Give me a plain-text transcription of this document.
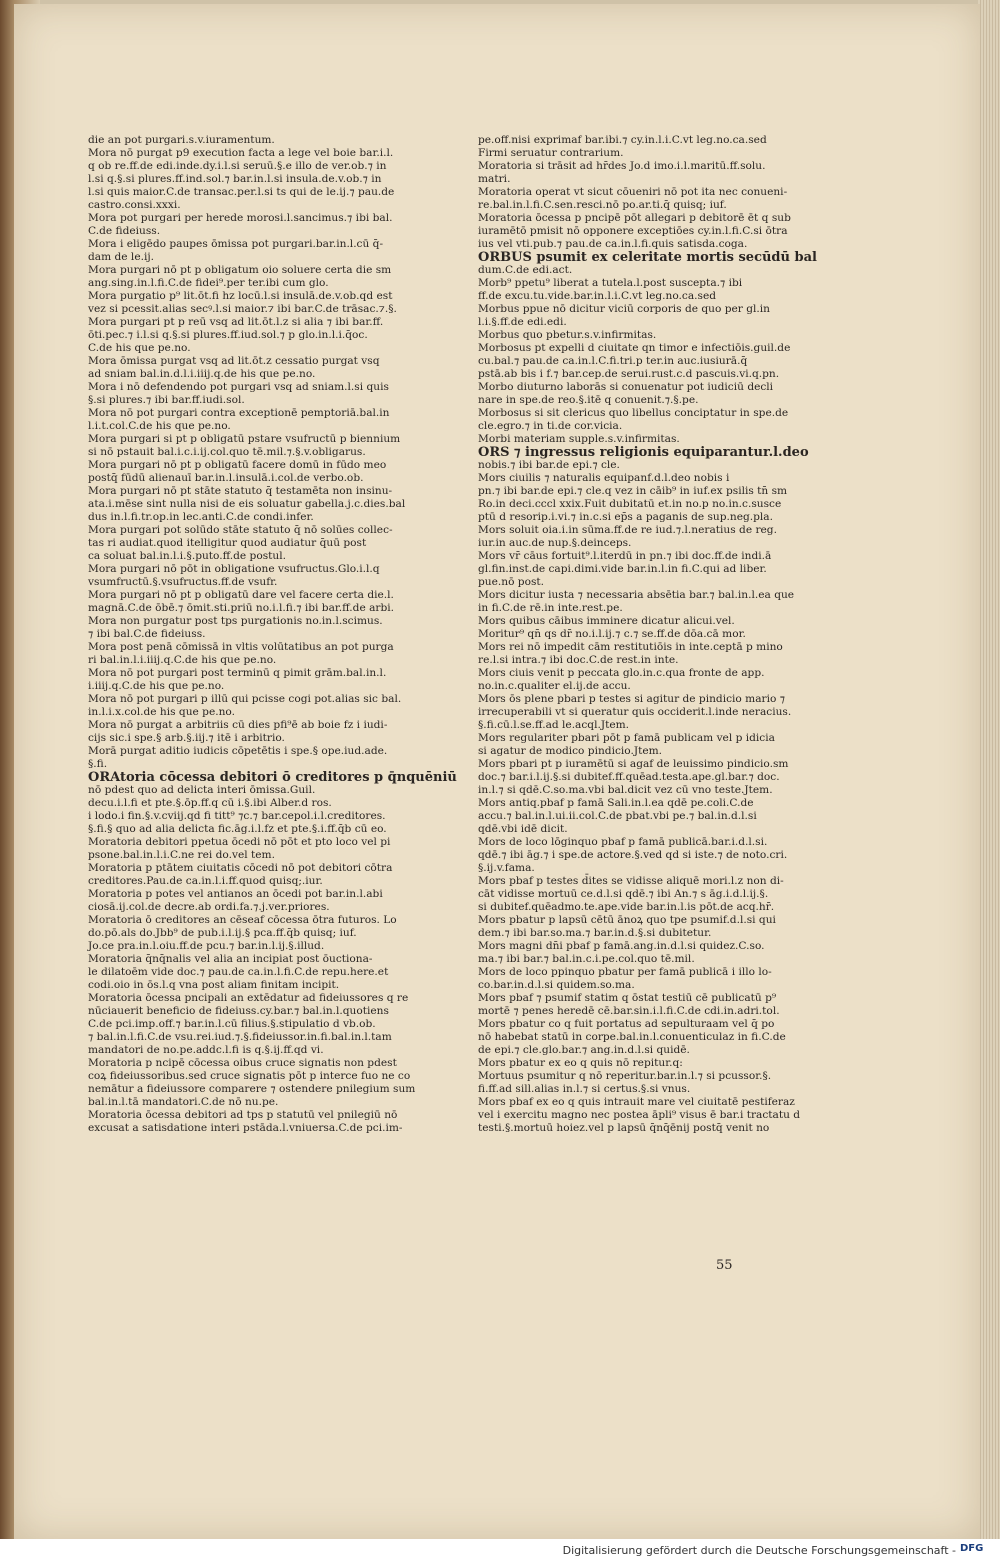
die an pot purgari.s.v.iuramentum.

Mora nō purgat p9 execution facta a lege vel boie bar.i.l.

q ob re.ff.de edi.inde.dy.i.l.si seruū.§.e illo de ver.ob.⁊ in

l.si q.§.si plures.ff.ind.sol.⁊ bar.in.l.si insula.de.v.ob.⁊ in

l.si quis maior.C.de transac.per.l.si ts qui de le.ij.⁊ pau.de

castro.consi.xxxi.

Mora pot purgari per herede morosi.l.sancimus.⁊ ibi bal.

C.de fideiuss.

Mora i eligēdo paupes ōmissa pot purgari.bar.in.l.cū q̄-

dam de le.ij.

Mora purgari nō pt p obligatum oio soluere certa die sm

ang.sing.in.l.fi.C.de fidei⁹.per ter.ibi cum glo.

Mora purgatio p⁹ lit.ōt.fi hz locū.l.si insulā.de.v.ob.qd est

vez si pcessit.alias secꝰ.l.si maior.⁊ ibi bar.C.de trāsac.⁊.§.

Mora purgari pt p reū vsq ad lit.ōt.l.z si alia ⁊ ibi bar.ff.

ōti.pec.⁊ i.l.si q.§.si plures.ff.iud.sol.⁊ p glo.in.l.i.q̄oc.

C.de his que pe.no.

Mora ōmissa purgat vsq ad lit.ōt.z cessatio purgat vsq

ad sniam bal.in.d.l.i.iiij.q.de his que pe.no.

Mora i nō defendendo pot purgari vsq ad sniam.l.si quis

§.si plures.⁊ ibi bar.ff.iudi.sol.

Mora nō pot purgari contra exceptionē pemptoriā.bal.in

l.i.t.col.C.de his que pe.no.

Mora purgari si pt p obligatū pstare vsufructū p biennium

si nō pstauit bal.i.c.i.ij.col.quo tē.mil.⁊.§.v.obligarus.

Mora purgari nō pt p obligatū facere domū in fūdo meo

postq̄ fūdū alienauī bar.in.l.insulā.i.col.de verbo.ob.

Mora purgari nō pt stāte statuto q̄ testamēta non insinu-

ata.i.mēse sint nulla nisi de eis soluatur gabella.j.c.dies.bal

dus in.l.fi.tr.op.in lec.anti.C.de condi.infer.

Mora purgari pot solūdo stāte statuto q̄ nō solūes collec-

tas ri audiat.quod itelligitur quod audiatur q̄uū post

ca soluat bal.in.l.i.§.puto.ff.de postul.

Mora purgari nō pōt in obligatione vsufructus.Glo.i.l.q

vsumfructū.§.vsufructus.ff.de vsufr.

Mora purgari nō pt p obligatū dare vel facere certa die.l.

magnā.C.de ōbē.⁊ ōmit.sti.priū no.i.l.fi.⁊ ibi bar.ff.de arbi.

Mora non purgatur post tps purgationis no.in.l.scimus.

⁊ ibi bal.C.de fideiuss.

Mora post penā cōmissā in vltis volūtatibus an pot purga

ri bal.in.l.i.iiij.q.C.de his que pe.no.

Mora nō pot purgari post terminū q pimit grām.bal.in.l.

i.iiij.q.C.de his que pe.no.

Mora nō pot purgari p illū qui pcisse cogi pot.alias sic bal.

in.l.i.x.col.de his que pe.no.

Mora nō purgat a arbitriis cū dies pfi⁹ē ab boie fz i iudi-

cijs sic.i spe.§ arb.§.iij.⁊ itē i arbitrio.

Morā purgat aditio iudicis cōpetētis i spe.§ ope.iud.ade.

§.fi.

ORAtoria cōcessa debitori ō creditores p q̄nquēniū

nō pdest quo ad delicta interi ōmissa.Guil.

decu.i.l.fi et pte.§.ōp.ff.q cū i.§.ibi Alber.d ros.

i lodo.i fin.§.v.cviij.qd fi titt⁹ ⁊c.⁊ bar.cepol.i.l.creditores.

§.fi.§ quo ad alia delicta fic.āg.i.l.fz et pte.§.i.ff.q̄b cū eo.

Moratoria debitori ppetua ōcedi nō pōt et pto loco vel pi

psone.bal.in.l.i.C.ne rei do.vel tem.

Moratoria p ptātem ciuitatis cōcedi nō pot debitori cōtra

creditores.Pau.de ca.in.l.i.ff.quod quisq;.iur.

Moratoria p potes vel antianos an ōcedi pot bar.in.l.abi

ciosā.ij.col.de decre.ab ordi.fa.⁊.j.ver.priores.

Moratoria ō creditores an cēseaf cōcessa ōtra futuros. Lo

do.pō.als do.Jbb⁹ de pub.i.l.ij.§ pca.ff.q̄b quisq; iuf.

Jo.ce pra.in.l.oiu.ff.de pcu.⁊ bar.in.l.ij.§.illud.

Moratoria q̄nq̄nalis vel alia an incipiat post ōuctiona-

le dilatoēm vide doc.⁊ pau.de ca.in.l.fi.C.de repu.here.et

codi.oio in ōs.l.q vna post aliam finitam incipit.

Moratoria ōcessa pncipali an extēdatur ad fideiussores q re

nūciauerit beneficio de fideiuss.cy.bar.⁊ bal.in.l.quotiens

C.de pci.imp.off.⁊ bar.in.l.cū filius.§.stipulatio d vb.ob.

⁊ bal.in.l.fi.C.de vsu.rei.iud.⁊.§.fideiussor.in.fi.bal.in.l.tam

mandatori de no.pe.addc.l.fi is q.§.ij.ff.qd vi.

Moratoria p ncipē cōcessa oibus cruce signatis non pdest

coꝝ fideiussoribus.sed cruce signatis pōt p interce fuo ne co

nemātur a fideiussore comparere ⁊ ostendere pnilegium sum

bal.in.l.tā mandatori.C.de nō nu.pe.

Moratoria ōcessa debitori ad tps p statutū vel pnilegiū nō

excusat a satisdatione interi pstāda.l.vniuersa.C.de pci.im-

pe.off.nisi exprimaf bar.ibi.⁊ cy.in.l.i.C.vt leg.no.ca.sed

Firmi seruatur contrarium.

Moratoria si trāsit ad hr̄des Jo.d imo.i.l.maritū.ff.solu.

matri.

Moratoria operat vt sicut cōueniri nō pot ita nec conueni-

re.bal.in.l.fi.C.sen.resci.nō po.ar.ti.q̄ quisq; iuf.

Moratoria ōcessa p pncipē pōt allegari p debitorē ēt q sub

iuramētō pmisit nō opponere exceptiōes cy.in.l.fi.C.si ōtra

ius vel vti.pub.⁊ pau.de ca.in.l.fi.quis satisda.coga.

ORBUS psumit ex celeritate mortis secūdū bal

dum.C.de edi.act.

Morb⁹ ppetu⁹ liberat a tutela.l.post suscepta.⁊ ibi

ff.de excu.tu.vide.bar.in.l.i.C.vt leg.no.ca.sed

Morbus ppue nō dicitur viciū corporis de quo per gl.in

l.i.§.ff.de edi.edi.

Morbus quo pbetur.s.v.infirmitas.

Morbosus pt expelli d ciuitate qn timor e infectiōis.guil.de

cu.bal.⁊ pau.de ca.in.l.C.fi.tri.p ter.in auc.iusiurā.q̄

pstā.ab bis i f.⁊ bar.cep.de serui.rust.c.d pascuis.vi.q.pn.

Morbo diuturno laborās si conuenatur pot iudiciū decli

nare in spe.de reo.§.itē q conuenit.⁊.§.pe.

Morbosus si sit clericus quo libellus conciptatur in spe.de

cle.egro.⁊ in ti.de cor.vicia.

Morbi materiam supple.s.v.infirmitas.

ORS ⁊ ingressus religionis equiparantur.l.deo

nobis.⁊ ibi bar.de epi.⁊ cle.

Mors ciuilis ⁊ naturalis equipanf.d.l.deo nobis i

pn.⁊ ibi bar.de epi.⁊ cle.q vez in cāib⁹ in iuf.ex psilis tn̄ sm

Ro.in deci.cccl xxix.Fuit dubitatū et.in no.p no.in.c.susce

ptū d resorip.i.vi.⁊ in.c.si ep̄s a paganis de sup.neg.pla.

Mors soluit oia.i.in sūma.ff.de re iud.⁊.l.neratius de reg.

iur.in auc.de nup.§.deinceps.

Mors vr̄ cāus fortuit⁹.l.iterdū in pn.⁊ ibi doc.ff.de indi.ā

gl.fin.inst.de capi.dimi.vide bar.in.l.in fi.C.qui ad liber.

pue.nō post.

Mors dicitur iusta ⁊ necessaria absētia bar.⁊ bal.in.l.ea que

in fi.C.de rē.in inte.rest.pe.

Mors quibus cāibus imminere dicatur alicui.vel.

Moritur⁹ qn̄ qs dr̄ no.i.l.ij.⁊ c.⁊ se.ff.de dōa.cā mor.

Mors rei nō impedit cām restitutiōis in inte.ceptā p mino

re.l.si intra.⁊ ibi doc.C.de rest.in inte.

Mors ciuis venit p peccata glo.in.c.qua fronte de app.

no.in.c.qualiter el.ij.de accu.

Mors ōs plene pbari p testes si agitur de pindicio mario ⁊

irrecuperabili vt si queratur quis occiderit.l.inde neracius.

§.fi.cū.l.se.ff.ad le.acql.Jtem.

Mors regulariter pbari pōt p famā publicam vel p idicia

si agatur de modico pindicio.Jtem.

Mors pbari pt p iuramētū si agaf de leuissimo pindicio.sm

doc.⁊ bar.i.l.ij.§.si dubitef.ff.quēad.testa.ape.gl.bar.⁊ doc.

in.l.⁊ si qdē.C.so.ma.vbi bal.dicit vez cū vno teste.Jtem.

Mors antiq.pbaf p famā Sali.in.l.ea qdē pe.coli.C.de

accu.⁊ bal.in.l.ui.ii.col.C.de pbat.vbi pe.⁊ bal.in.d.l.si

qdē.vbi idē dicit.

Mors de loco lōginquo pbaf p famā publicā.bar.i.d.l.si.

qdē.⁊ ibi āg.⁊ i spe.de actore.§.ved qd si iste.⁊ de noto.cri.

§.ij.v.fama.

Mors pbaf p testes d̄ites se vidisse aliquē mori.l.z non di-

cāt vidisse mortuū ce.d.l.si qdē.⁊ ibi An.⁊ s āg.i.d.l.ij.§.

si dubitef.quēadmo.te.ape.vide bar.in.l.is pōt.de acq.hr̄.

Mors pbatur p lapsū cētū ānoꝝ quo tpe psumif.d.l.si qui

dem.⁊ ibi bar.so.ma.⁊ bar.in.d.§.si dubitetur.

Mors magni dn̄i pbaf p famā.ang.in.d.l.si quidez.C.so.

ma.⁊ ibi bar.⁊ bal.in.c.i.pe.col.quo tē.mil.

Mors de loco ppinquo pbatur per famā publicā i illo lo-

co.bar.in.d.l.si quidem.so.ma.

Mors pbaf ⁊ psumif statim q ōstat testiū cē publicatū p⁹

mortē ⁊ penes heredē cē.bar.sin.i.l.fi.C.de cdi.in.adri.tol.

Mors pbatur co q fuit portatus ad sepulturaam vel q̄ po

nō habebat statū in corpe.bal.in.l.conuenticulaz in fi.C.de

de epi.⁊ cle.glo.bar.⁊ ang.in.d.l.si quidē.

Mors pbatur ex eo q quis nō repitur.q:

Mortuus psumitur q nō reperitur.bar.in.l.⁊ si pcussor.§.

fi.ff.ad sill.alias in.l.⁊ si certus.§.si vnus.

Mors pbaf ex eo q quis intrauit mare vel ciuitatē pestiferaz

vel i exercitu magno nec postea āpli⁹ visus ē bar.i tractatu d

testi.§.mortuū hoiez.vel p lapsū q̄nq̄ēnij postq̄ venit no

55
Digitalisierung gefördert durch die Deutsche Forschungsgemeinschaft - DFG
